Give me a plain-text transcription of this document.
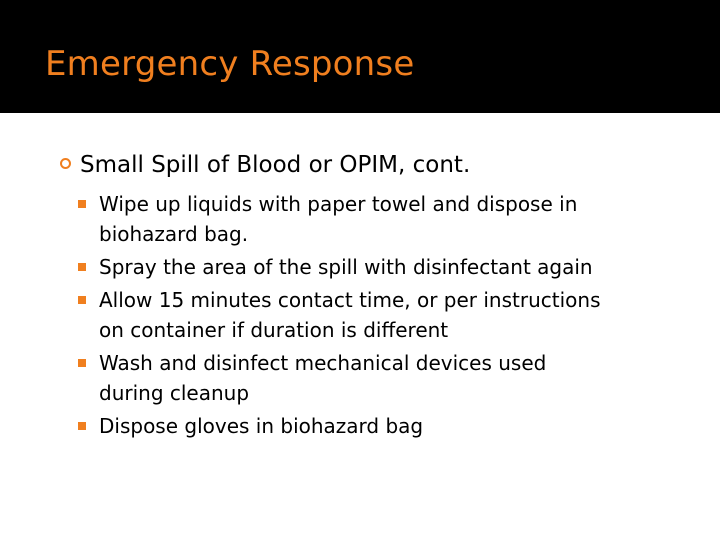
Emergency Response
Small Spill of Blood or OPIM, cont.
Wipe up liquids with paper towel and dispose in
biohazard bag.
Spray the area of the spill with disinfectant again
Allow 15 minutes contact time, or per instructions
on container if duration is different
Wash and disinfect mechanical devices used
during cleanup
Dispose gloves in biohazard bag
